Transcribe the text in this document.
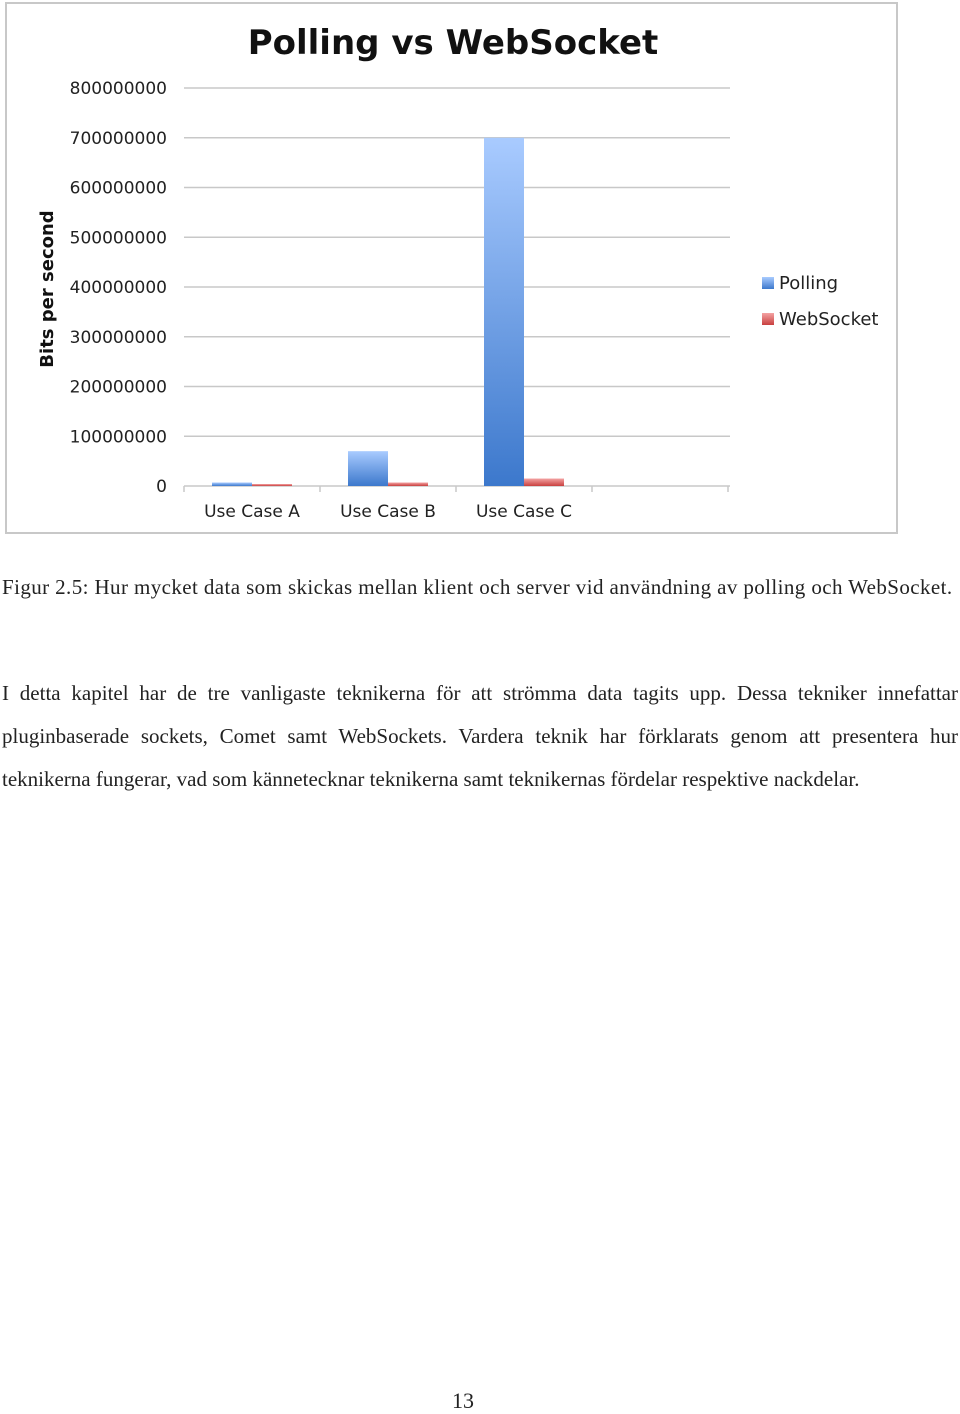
Polling vs WebSocket
Bits per second
0
100000000
200000000
300000000
400000000
500000000
600000000
700000000
800000000
Use Case A Use Case B Use Case C
Polling
WebSocket

Figur 2.5: Hur mycket data som skickas mellan klient och server vid användning av polling och WebSocket.

I detta kapitel har de tre vanligaste teknikerna för att strömma data tagits upp. Dessa tekniker innefattar pluginbaserade sockets, Comet samt WebSockets. Vardera teknik har förklarats genom att presentera hur teknikerna fungerar, vad som kännetecknar teknikerna samt teknikernas fördelar respektive nackdelar.

13
